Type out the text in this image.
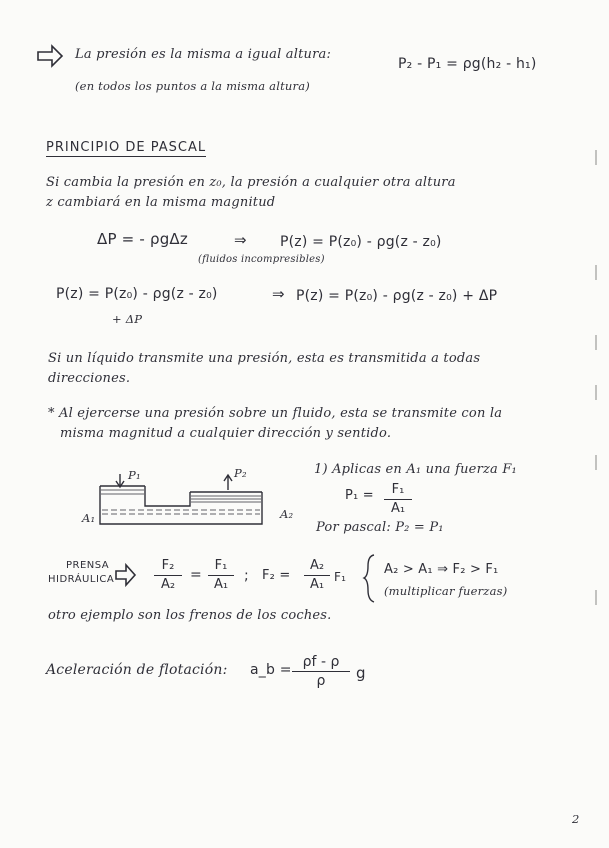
La presión es la misma a igual altura:
P₂ - P₁ = ρg(h₂ - h₁)
(en todos los puntos a la misma altura)
PRINCIPIO DE PASCAL
Si cambia la presión en z₀, la presión a cualquier otra altura
z cambiará en la misma magnitud
ΔP = - ρgΔz	⇒ P(z) = P(z₀) - ρg(z - z₀)
(fluidos incompresibles)
P(z) = P(z₀) - ρg(z - z₀)
+ ΔP
⇒ P(z) = P(z₀) - ρg(z - z₀) + ΔP
Si un líquido transmite una presión, esta es transmitida a todas
direcciones.
* Al ejercerse una presión sobre un fluido, esta se transmite con la
misma magnitud a cualquier dirección y sentido.
P₁	P₂
A₁	A₂
1) Aplicas en A₁ una fuerza F₁
P₁ =	F₁
A₁
Por pascal: P₂ = P₁
PRENSA
HIDRÁULICA
F₂
A₂
=
F₁
A₁
; F₂ =
A₂
A₁ F₁	A₂ > A₁ ⇒ F₂ > F₁
(multiplicar fuerzas)
otro ejemplo son los frenos de los coches.
Aceleración de flotación: a_b = ρf - ρ
ρ	g
2
